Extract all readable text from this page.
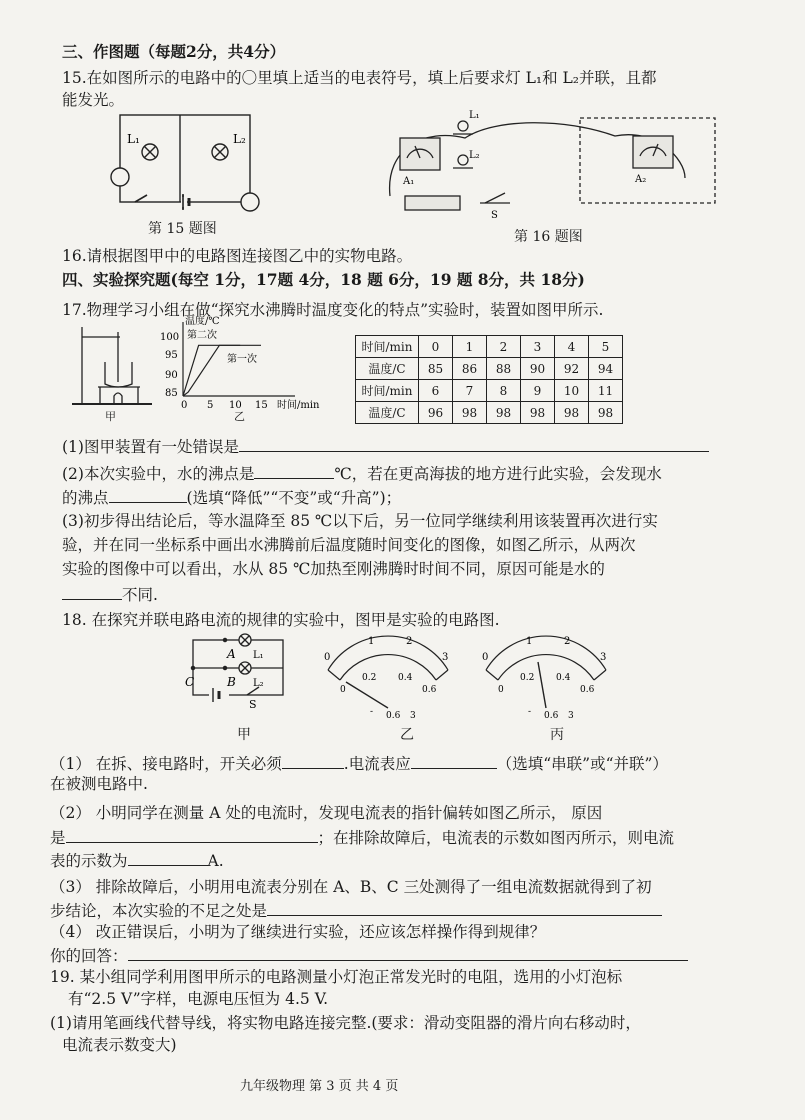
三、作图题（每题2分，共4分）
15.在如图所示的电路中的〇里填上适当的电表符号，填上后要求灯 L₁和 L₂并联，且都
能发光。
L₁	L₂
第 15 题图
L₁
L₂
A₁	A₂
S
第 16 题图
16.请根据图甲中的电路图连接图乙中的实物电路。
四、实验探究题(每空 1分，17题 4分，18 题 6分，19 题 8分，共 18分)
17.物理学习小组在做“探究水沸腾时温度变化的特点”实验时，装置如图甲所示.
甲
温度/℃
第二次
第一次
100
95
90
85
0 5 10 15 时间/min
乙
时间/min	0	1	2	3	4	5
温度/C	85	86	88	90	92	94
时间/min	6	7	8	9	10	11
温度/C	96	98	98	98	98	98
(1)图甲装置有一处错误是
(2)本次实验中，水的沸点是	℃，若在更高海拔的地方进行此实验，会发现水
的沸点	(选填“降低”“不变”或“升高”)；
(3)初步得出结论后，等水温降至 85 ℃以下后，另一位同学继续利用该装置再次进行实
验，并在同一坐标系中画出水沸腾前后温度随时间变化的图像，如图乙所示，从两次
实验的图像中可以看出，水从 85 ℃加热至刚沸腾时时间不同，原因可能是水的
不同.
18. 在探究并联电路电流的规律的实验中，图甲是实验的电路图.
A
B
C
L₁
L₂
S
0
1	2
3
0
0.2 0.4
0.6
- 0.6 3
0
1	2
3
0
0.2 0.4
0.6
- 0.6 3
甲	乙	丙
（1） 在拆、接电路时，开关必须	.电流表应	（选填“串联”或“并联”）
在被测电路中.
（2） 小明同学在测量 A 处的电流时，发现电流表的指针偏转如图乙所示， 原因
是	；在排除故障后，电流表的示数如图丙所示，则电流
表的示数为	A.
（3） 排除故障后，小明用电流表分别在 A、B、C 三处测得了一组电流数据就得到了初
步结论，本次实验的不足之处是
（4） 改正错误后，小明为了继续进行实验，还应该怎样操作得到规律？
你的回答：
19. 某小组同学利用图甲所示的电路测量小灯泡正常发光时的电阻，选用的小灯泡标
有“2.5 V”字样，电源电压恒为 4.5 V.
(1)请用笔画线代替导线，将实物电路连接完整.(要求：滑动变阻器的滑片向右移动时，
电流表示数变大)
九年级物理 第 3 页 共 4 页
